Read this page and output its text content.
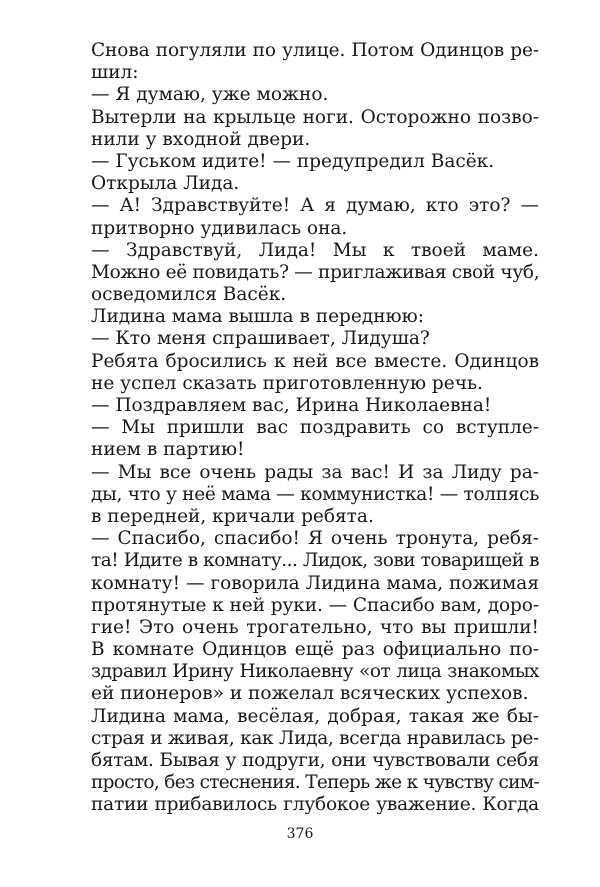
Снова погуляли по улице. Потом Одинцов ре-
шил:
— Я думаю, уже можно.
Вытерли на крыльце ноги. Осторожно позво-
нили у входной двери.
— Гуськом идите! — предупредил Васёк.
Открыла Лида.
— А! Здравствуйте! А я думаю, кто это? —
притворно удивилась она.
— Здравствуй, Лида! Мы к твоей маме.
Можно её повидать? — приглаживая свой чуб,
осведомился Васёк.
Лидина мама вышла в переднюю:
— Кто меня спрашивает, Лидуша?
Ребята бросились к ней все вместе. Одинцов
не успел сказать приготовленную речь.
— Поздравляем вас, Ирина Николаевна!
— Мы пришли вас поздравить со вступле-
нием в партию!
— Мы все очень рады за вас! И за Лиду ра-
ды, что у неё мама — коммунистка! — толпясь
в передней, кричали ребята.
— Спасибо, спасибо! Я очень тронута, ребя-
та! Идите в комнату... Лидок, зови товарищей в
комнату! — говорила Лидина мама, пожимая
протянутые к ней руки. — Спасибо вам, доро-
гие! Это очень трогательно, что вы пришли!
В комнате Одинцов ещё раз официально по-
здравил Ирину Николаевну «от лица знакомых
ей пионеров» и пожелал всяческих успехов.
Лидина мама, весёлая, добрая, такая же бы-
страя и живая, как Лида, всегда нравилась ре-
бятам. Бывая у подруги, они чувствовали себя
просто, без стеснения. Теперь же к чувству сим-
патии прибавилось глубокое уважение. Когда
376
